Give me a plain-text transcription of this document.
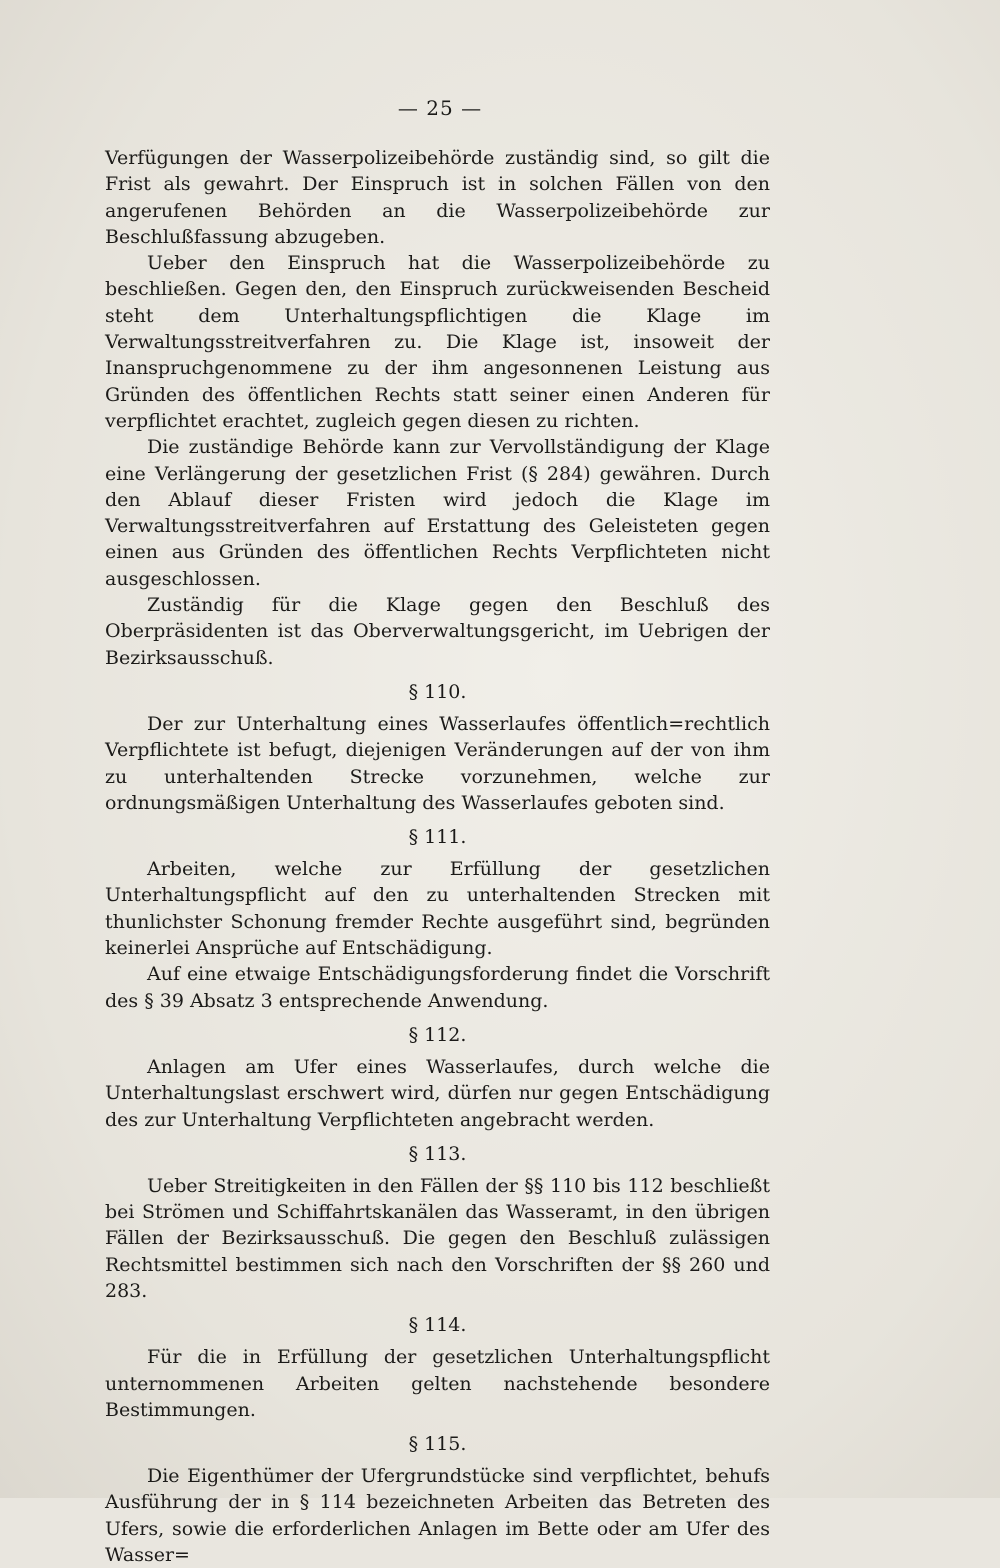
— 25 —

Verfügungen der Wasserpolizeibehörde zuständig sind, so gilt die Frist als gewahrt. Der Einspruch ist in solchen Fällen von den angerufenen Behörden an die Wasserpolizeibehörde zur Beschlußfassung abzugeben.

Ueber den Einspruch hat die Wasserpolizeibehörde zu beschließen. Gegen den, den Einspruch zurückweisenden Bescheid steht dem Unterhaltungspflichtigen die Klage im Verwaltungsstreitverfahren zu. Die Klage ist, insoweit der Inanspruchgenommene zu der ihm angesonnenen Leistung aus Gründen des öffentlichen Rechts statt seiner einen Anderen für verpflichtet erachtet, zugleich gegen diesen zu richten.

Die zuständige Behörde kann zur Vervollständigung der Klage eine Verlängerung der gesetzlichen Frist (§ 284) gewähren. Durch den Ablauf dieser Fristen wird jedoch die Klage im Verwaltungsstreitverfahren auf Erstattung des Geleisteten gegen einen aus Gründen des öffentlichen Rechts Verpflichteten nicht ausgeschlossen.

Zuständig für die Klage gegen den Beschluß des Oberpräsidenten ist das Oberverwaltungsgericht, im Uebrigen der Bezirksausschuß.

§ 110.

Der zur Unterhaltung eines Wasserlaufes öffentlich=rechtlich Verpflichtete ist befugt, diejenigen Veränderungen auf der von ihm zu unterhaltenden Strecke vorzunehmen, welche zur ordnungsmäßigen Unterhaltung des Wasserlaufes geboten sind.

§ 111.

Arbeiten, welche zur Erfüllung der gesetzlichen Unterhaltungspflicht auf den zu unterhaltenden Strecken mit thunlichster Schonung fremder Rechte ausgeführt sind, begründen keinerlei Ansprüche auf Entschädigung.

Auf eine etwaige Entschädigungsforderung findet die Vorschrift des § 39 Absatz 3 entsprechende Anwendung.

§ 112.

Anlagen am Ufer eines Wasserlaufes, durch welche die Unterhaltungslast erschwert wird, dürfen nur gegen Entschädigung des zur Unterhaltung Verpflichteten angebracht werden.

§ 113.

Ueber Streitigkeiten in den Fällen der §§ 110 bis 112 beschließt bei Strömen und Schiffahrtskanälen das Wasseramt, in den übrigen Fällen der Bezirksausschuß. Die gegen den Beschluß zulässigen Rechtsmittel bestimmen sich nach den Vorschriften der §§ 260 und 283.

§ 114.

Für die in Erfüllung der gesetzlichen Unterhaltungspflicht unternommenen Arbeiten gelten nachstehende besondere Bestimmungen.

§ 115.

Die Eigenthümer der Ufergrundstücke sind verpflichtet, behufs Ausführung der in § 114 bezeichneten Arbeiten das Betreten des Ufers, sowie die erforderlichen Anlagen im Bette oder am Ufer des Wasser=
